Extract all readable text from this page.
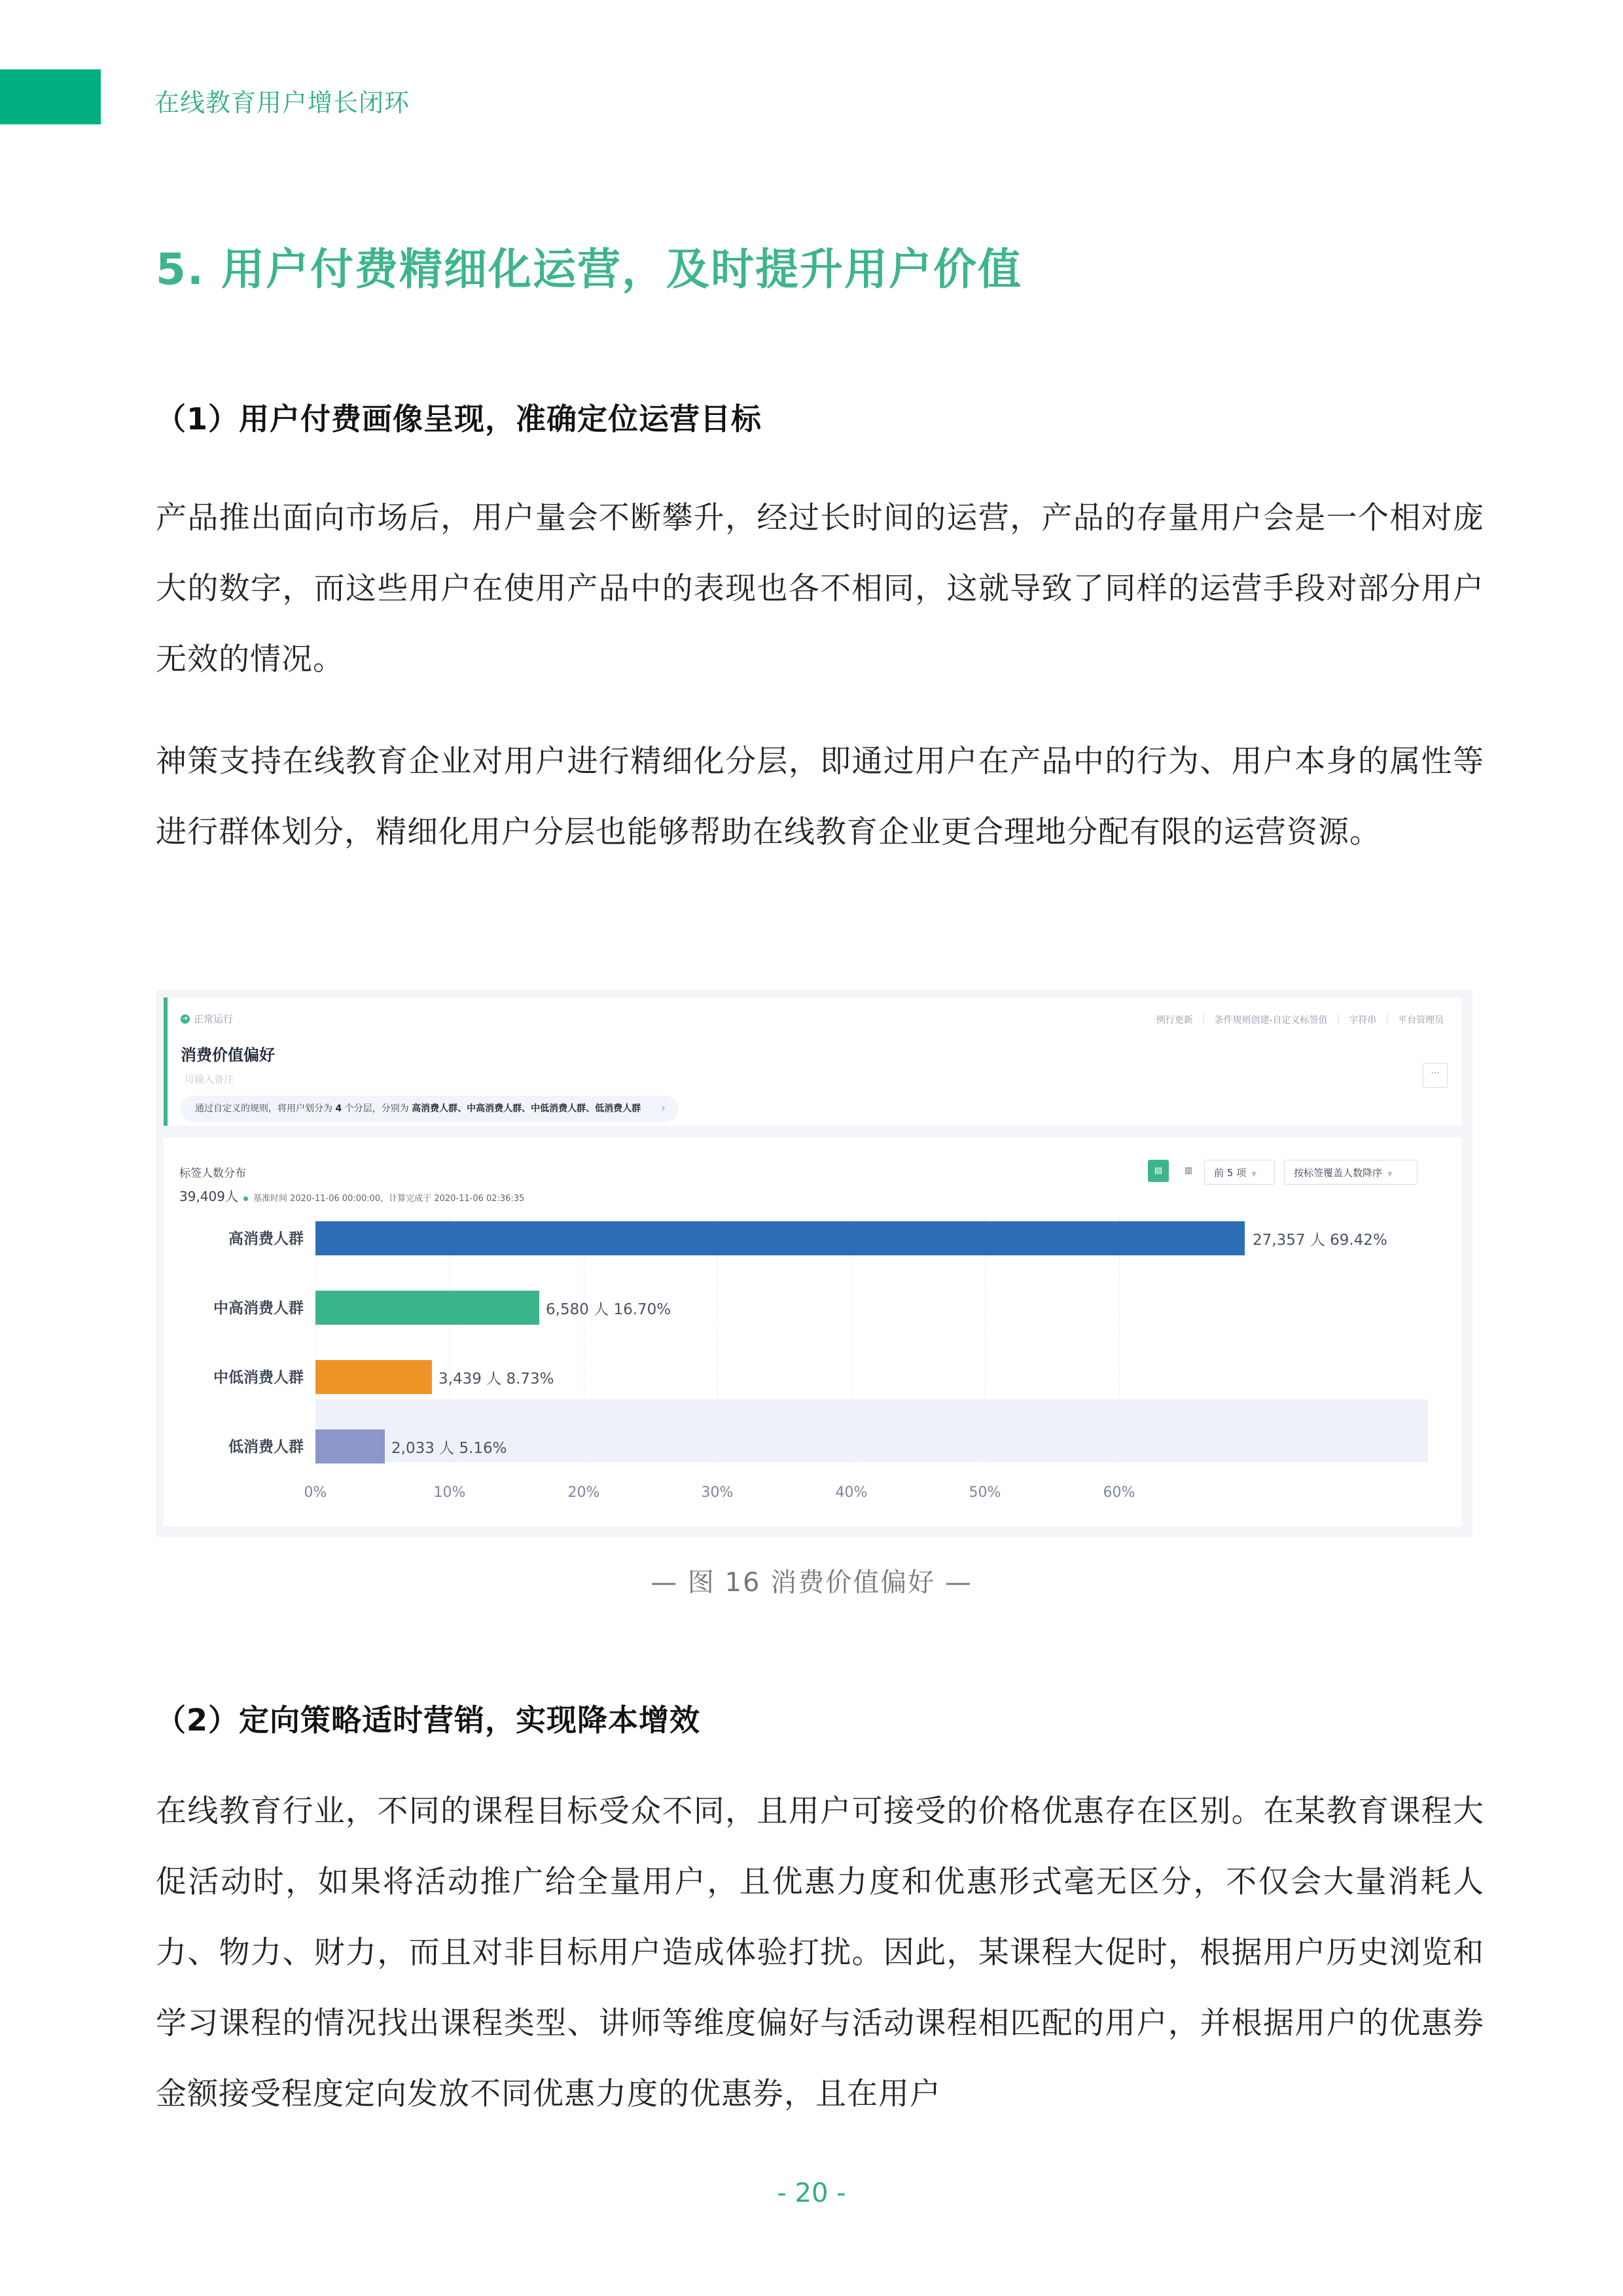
在线教育用户增长闭环
5. 用户付费精细化运营，及时提升用户价值
（1）用户付费画像呈现，准确定位运营目标
产品推出面向市场后，用户量会不断攀升，经过长时间的运营，产品的存量用户会是一个相对庞大的数字，而这些用户在使用产品中的表现也各不相同，这就导致了同样的运营手段对部分用户无效的情况。
神策支持在线教育企业对用户进行精细化分层，即通过用户在产品中的行为、用户本身的属性等进行群体划分，精细化用户分层也能够帮助在线教育企业更合理地分配有限的运营资源。
➜ 正常运行
消费价值偏好
可输入备注
通过自定义的规则，将用户划分为 4 个分层，分别为 高消费人群、中高消费人群、中低消费人群、低消费人群 ›
例行更新 | 条件规则创建-自定义标签值 | 字符串 | 平台管理员
···
标签人数分布
39,409人 基准时间 2020-11-06 00:00:00，计算完成于 2020-11-06 02:36:35
▤	▥	前 5 项 ▼	按标签覆盖人数降序 ▼
高消费人群	27,357 人 69.42%
中高消费人群	6,580 人 16.70%
中低消费人群	3,439 人 8.73%
低消费人群	2,033 人 5.16%
0%	10%	20%	30%	40%	50%	60%
— 图 16 消费价值偏好 —
（2）定向策略适时营销，实现降本增效
在线教育行业，不同的课程目标受众不同，且用户可接受的价格优惠存在区别。在某教育课程大促活动时，如果将活动推广给全量用户，且优惠力度和优惠形式毫无区分，不仅会大量消耗人力、物力、财力，而且对非目标用户造成体验打扰。因此，某课程大促时，根据用户历史浏览和学习课程的情况找出课程类型、讲师等维度偏好与活动课程相匹配的用户，并根据用户的优惠券金额接受程度定向发放不同优惠力度的优惠券，且在用户
- 20 -
